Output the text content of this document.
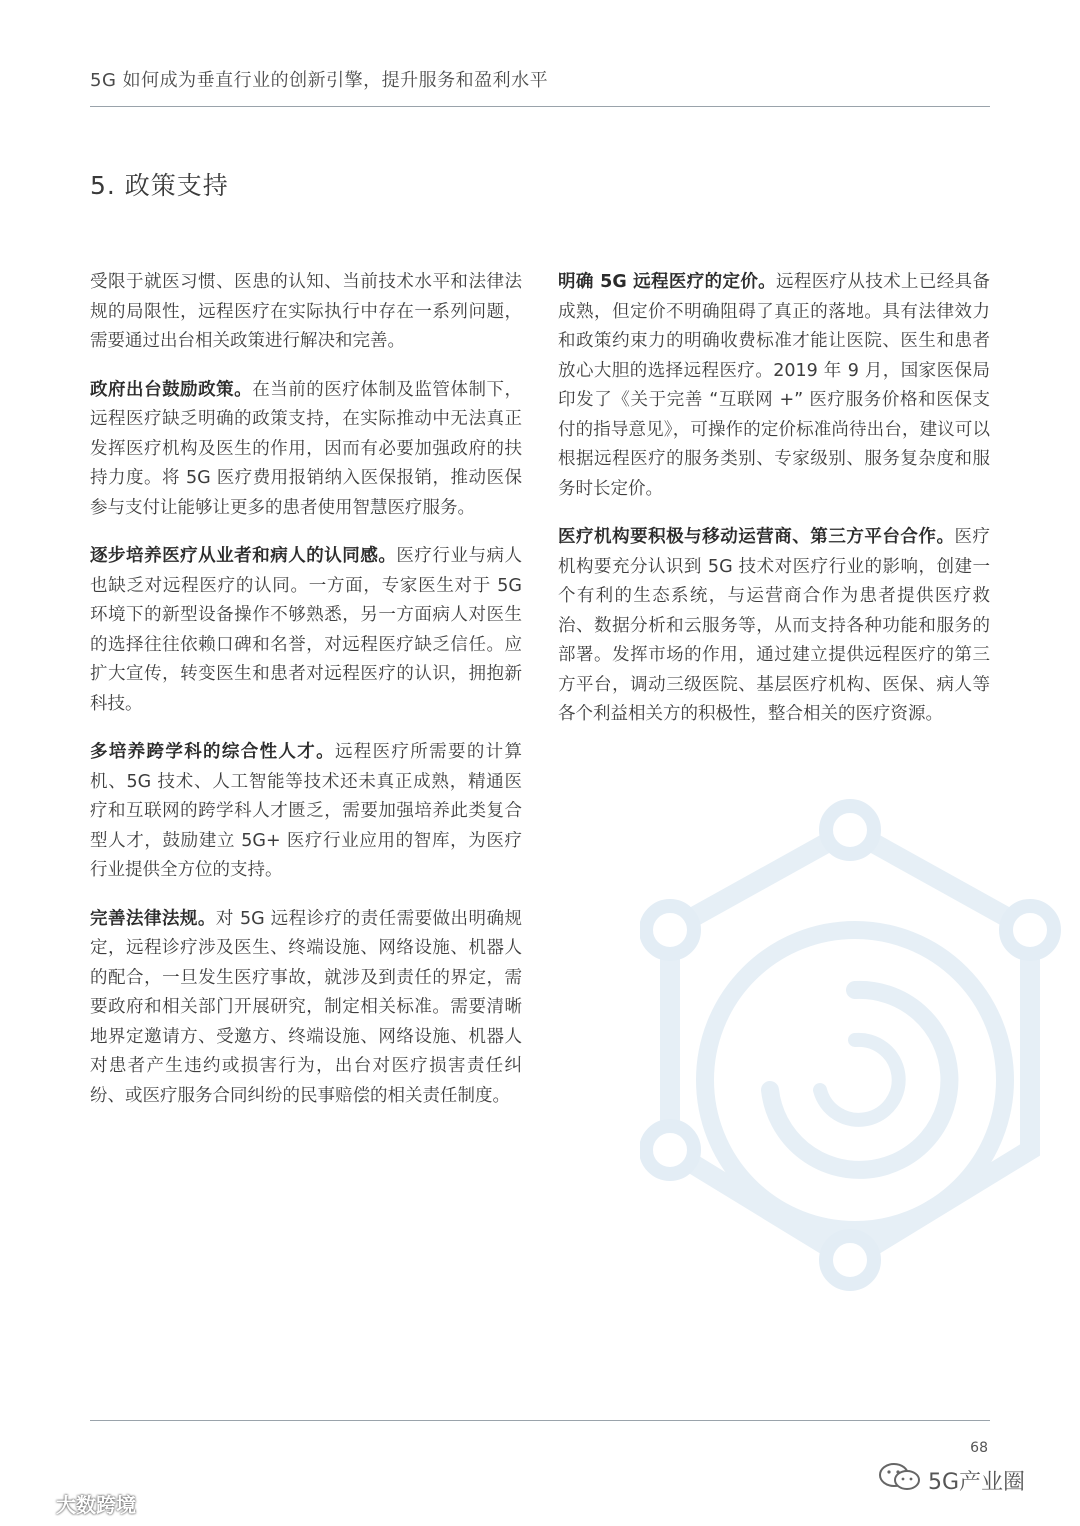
5G 如何成为垂直行业的创新引擎，提升服务和盈利水平
5. 政策支持

受限于就医习惯、医患的认知、当前技术水平和法律法规的局限性，远程医疗在实际执行中存在一系列问题，需要通过出台相关政策进行解决和完善。

政府出台鼓励政策。在当前的医疗体制及监管体制下，远程医疗缺乏明确的政策支持，在实际推动中无法真正发挥医疗机构及医生的作用，因而有必要加强政府的扶持力度。将 5G 医疗费用报销纳入医保报销，推动医保参与支付让能够让更多的患者使用智慧医疗服务。

逐步培养医疗从业者和病人的认同感。医疗行业与病人也缺乏对远程医疗的认同。一方面，专家医生对于 5G 环境下的新型设备操作不够熟悉，另一方面病人对医生的选择往往依赖口碑和名誉，对远程医疗缺乏信任。应扩大宣传，转变医生和患者对远程医疗的认识，拥抱新科技。

多培养跨学科的综合性人才。远程医疗所需要的计算机、5G 技术、人工智能等技术还未真正成熟，精通医疗和互联网的跨学科人才匮乏，需要加强培养此类复合型人才，鼓励建立 5G+ 医疗行业应用的智库，为医疗行业提供全方位的支持。

完善法律法规。对 5G 远程诊疗的责任需要做出明确规定，远程诊疗涉及医生、终端设施、网络设施、机器人的配合，一旦发生医疗事故，就涉及到责任的界定，需要政府和相关部门开展研究，制定相关标准。需要清晰地界定邀请方、受邀方、终端设施、网络设施、机器人对患者产生违约或损害行为，出台对医疗损害责任纠纷、或医疗服务合同纠纷的民事赔偿的相关责任制度。

明确 5G 远程医疗的定价。远程医疗从技术上已经具备成熟，但定价不明确阻碍了真正的落地。具有法律效力和政策约束力的明确收费标准才能让医院、医生和患者放心大胆的选择远程医疗。2019 年 9 月，国家医保局印发了《关于完善 “互联网 +” 医疗服务价格和医保支付的指导意见》，可操作的定价标准尚待出台，建议可以根据远程医疗的服务类别、专家级别、服务复杂度和服务时长定价。

医疗机构要积极与移动运营商、第三方平台合作。医疗机构要充分认识到 5G 技术对医疗行业的影响，创建一个有利的生态系统，与运营商合作为患者提供医疗救治、数据分析和云服务等，从而支持各种功能和服务的部署。发挥市场的作用，通过建立提供远程医疗的第三方平台，调动三级医院、基层医疗机构、医保、病人等各个利益相关方的积极性，整合相关的医疗资源。

68
5G产业圈
大数跨境
